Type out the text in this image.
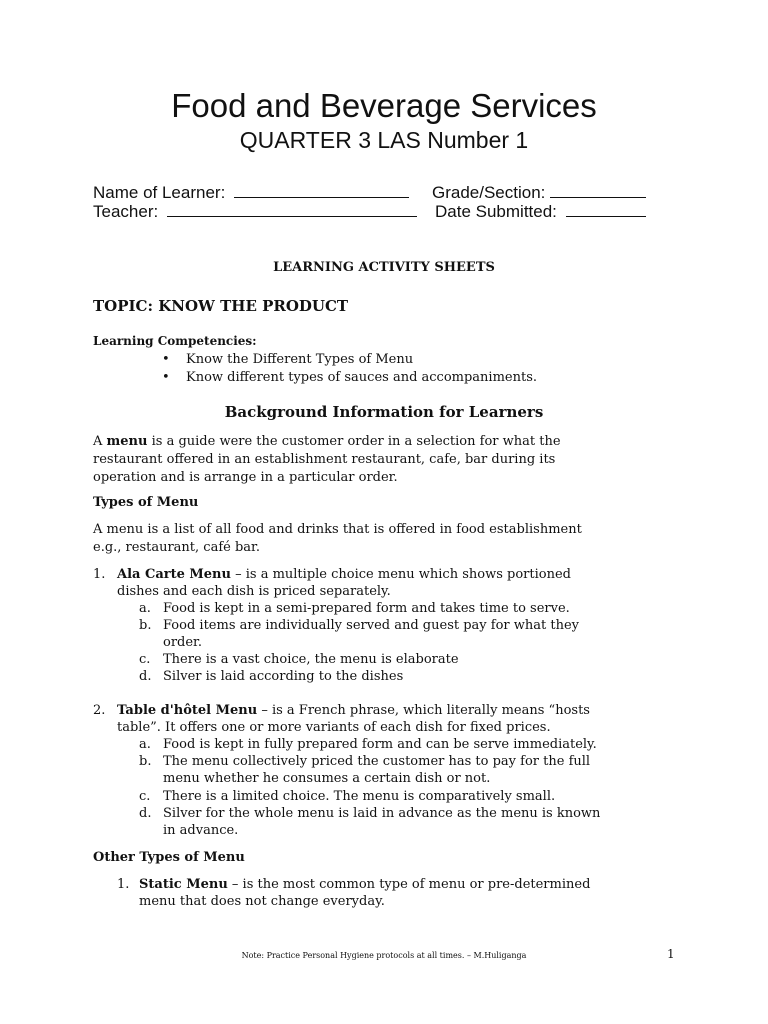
Food and Beverage Services
QUARTER 3 LAS Number 1
Name of Learner:	Grade/Section:
Teacher:	Date Submitted:
LEARNING ACTIVITY SHEETS
TOPIC: KNOW THE PRODUCT
Learning Competencies:
• Know the Different Types of Menu
• Know different types of sauces and accompaniments.
Background Information for Learners
A menu is a guide were the customer order in a selection for what the
restaurant offered in an establishment restaurant, cafe, bar during its
operation and is arrange in a particular order.
Types of Menu
A menu is a list of all food and drinks that is offered in food establishment
e.g., restaurant, café bar.
1. Ala Carte Menu – is a multiple choice menu which shows portioned
dishes and each dish is priced separately.
a. Food is kept in a semi-prepared form and takes time to serve.
b. Food items are individually served and guest pay for what they
order.
c. There is a vast choice, the menu is elaborate
d. Silver is laid according to the dishes
2. Table d'hôtel Menu – is a French phrase, which literally means “hosts
table”. It offers one or more variants of each dish for fixed prices.
a. Food is kept in fully prepared form and can be serve immediately.
b. The menu collectively priced the customer has to pay for the full
menu whether he consumes a certain dish or not.
c. There is a limited choice. The menu is comparatively small.
d. Silver for the whole menu is laid in advance as the menu is known
in advance.
Other Types of Menu
1. Static Menu – is the most common type of menu or pre-determined
menu that does not change everyday.
Note: Practice Personal Hygiene protocols at all times. – M.Huliganga	1
